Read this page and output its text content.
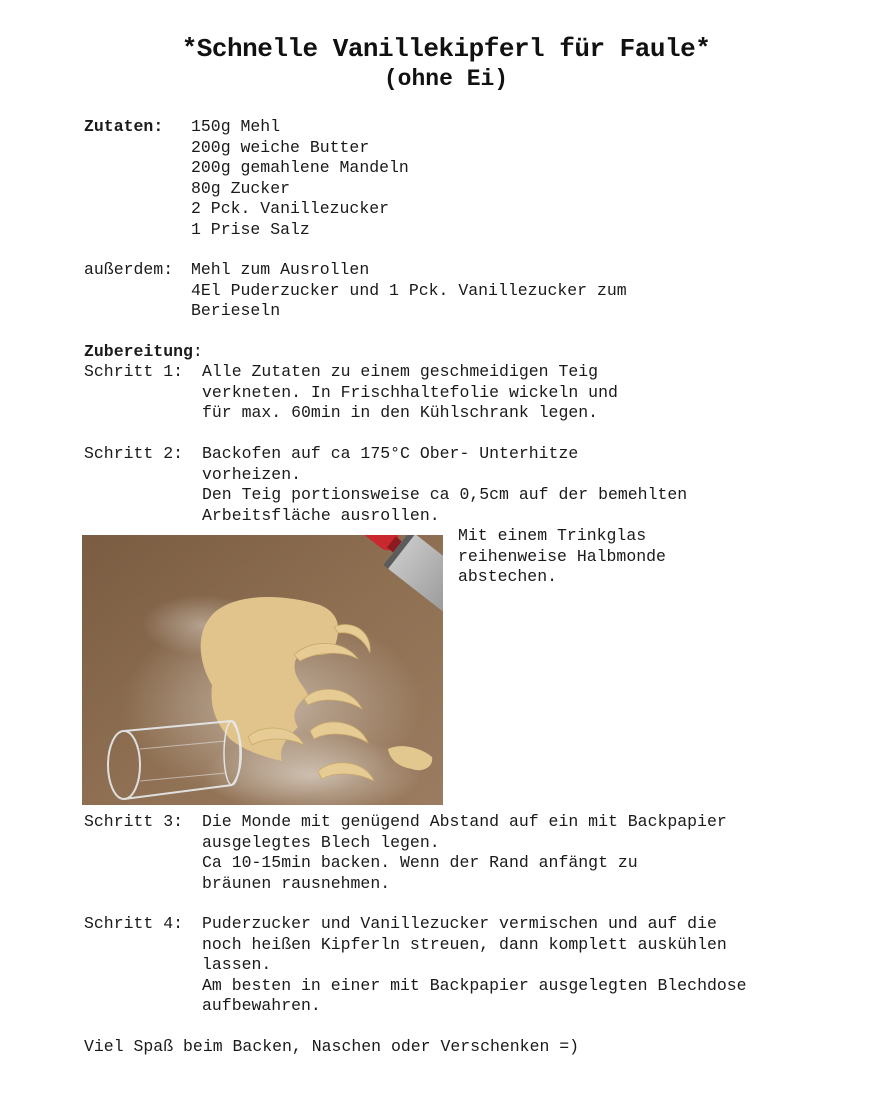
*Schnelle Vanillekipferl für Faule*
(ohne Ei)
Zutaten: 150g Mehl
200g weiche Butter
200g gemahlene Mandeln
80g Zucker
2 Pck. Vanillezucker
1 Prise Salz
außerdem: Mehl zum Ausrollen
4El Puderzucker und 1 Pck. Vanillezucker zum
Berieseln
Zubereitung:
Schritt 1: Alle Zutaten zu einem geschmeidigen Teig
verkneten. In Frischhaltefolie wickeln und
für max. 60min in den Kühlschrank legen.
Schritt 2: Backofen auf ca 175°C Ober- Unterhitze
vorheizen.
Den Teig portionsweise ca 0,5cm auf der bemehlten
Arbeitsfläche ausrollen.
Mit einem Trinkglas
reihenweise Halbmonde
abstechen.
Schritt 3: Die Monde mit genügend Abstand auf ein mit Backpapier
ausgelegtes Blech legen.
Ca 10-15min backen. Wenn der Rand anfängt zu
bräunen rausnehmen.
Schritt 4: Puderzucker und Vanillezucker vermischen und auf die
noch heißen Kipferln streuen, dann komplett auskühlen
lassen.
Am besten in einer mit Backpapier ausgelegten Blechdose
aufbewahren.
Viel Spaß beim Backen, Naschen oder Verschenken =)
